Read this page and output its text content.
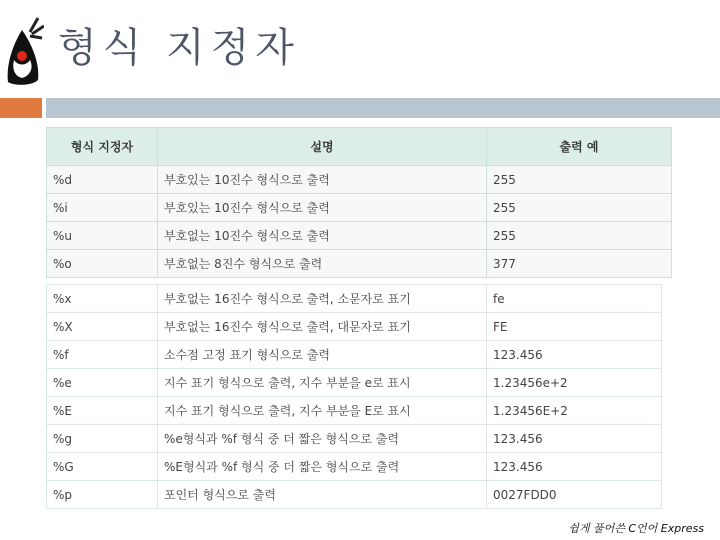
형식 지정자
형식 지정자	설명	출력 예
%d	부호있는 10진수 형식으로 출력	255
%i	부호있는 10진수 형식으로 출력	255
%u	부호없는 10진수 형식으로 출력	255
%o	부호없는 8진수 형식으로 출력	377
%x	부호없는 16진수 형식으로 출력, 소문자로 표기	fe
%X	부호없는 16진수 형식으로 출력, 대문자로 표기	FE
%f	소수점 고정 표기 형식으로 출력	123.456
%e	지수 표기 형식으로 출력, 지수 부분을 e로 표시	1.23456e+2
%E	지수 표기 형식으로 출력, 지수 부분을 E로 표시	1.23456E+2
%g	%e형식과 %f 형식 중 더 짧은 형식으로 출력	123.456
%G	%E형식과 %f 형식 중 더 짧은 형식으로 출력	123.456
%p	포인터 형식으로 출력	0027FDD0
쉽게 풀어쓴 C언어 Express
